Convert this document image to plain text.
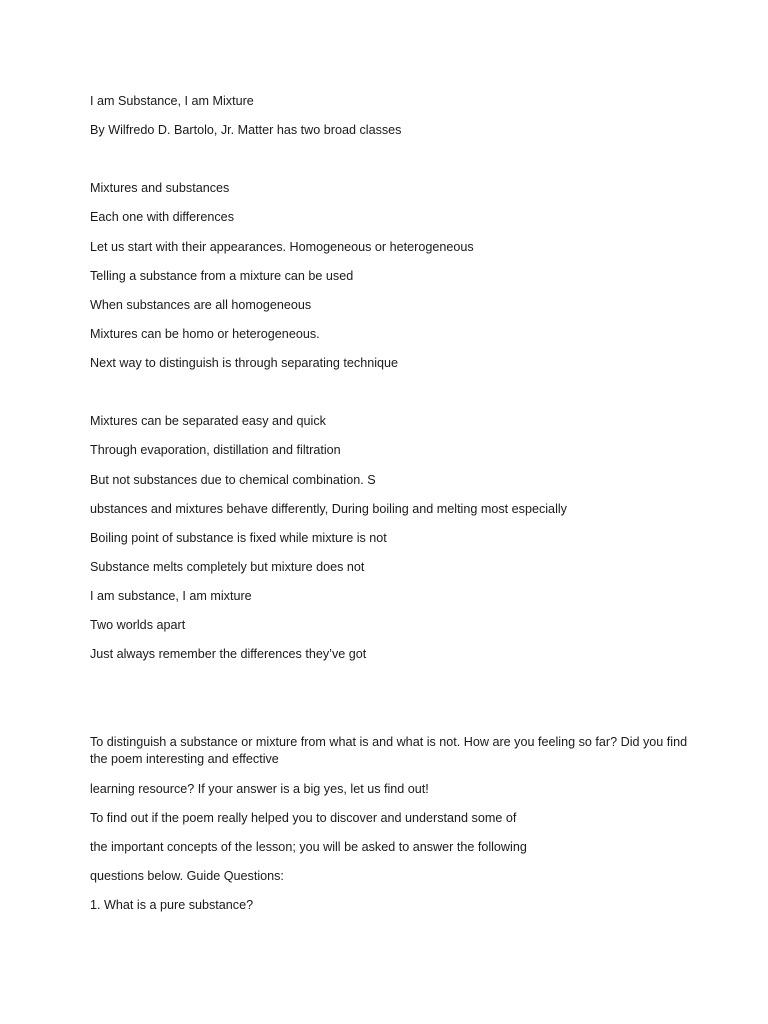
I am Substance, I am Mixture

By Wilfredo D. Bartolo, Jr. Matter has two broad classes

Mixtures and substances

Each one with differences

Let us start with their appearances. Homogeneous or heterogeneous

Telling a substance from a mixture can be used

When substances are all homogeneous

Mixtures can be homo or heterogeneous.

Next way to distinguish is through separating technique

Mixtures can be separated easy and quick

Through evaporation, distillation and filtration

But not substances due to chemical combination. S

ubstances and mixtures behave differently, During boiling and melting most especially

Boiling point of substance is fixed while mixture is not

Substance melts completely but mixture does not

I am substance, I am mixture

Two worlds apart

Just always remember the differences they’ve got

To distinguish a substance or mixture from what is and what is not. How are you feeling so far? Did you find the poem interesting and effective

learning resource? If your answer is a big yes, let us find out!

To find out if the poem really helped you to discover and understand some of

the important concepts of the lesson; you will be asked to answer the following

questions below. Guide Questions:

1. What is a pure substance?
